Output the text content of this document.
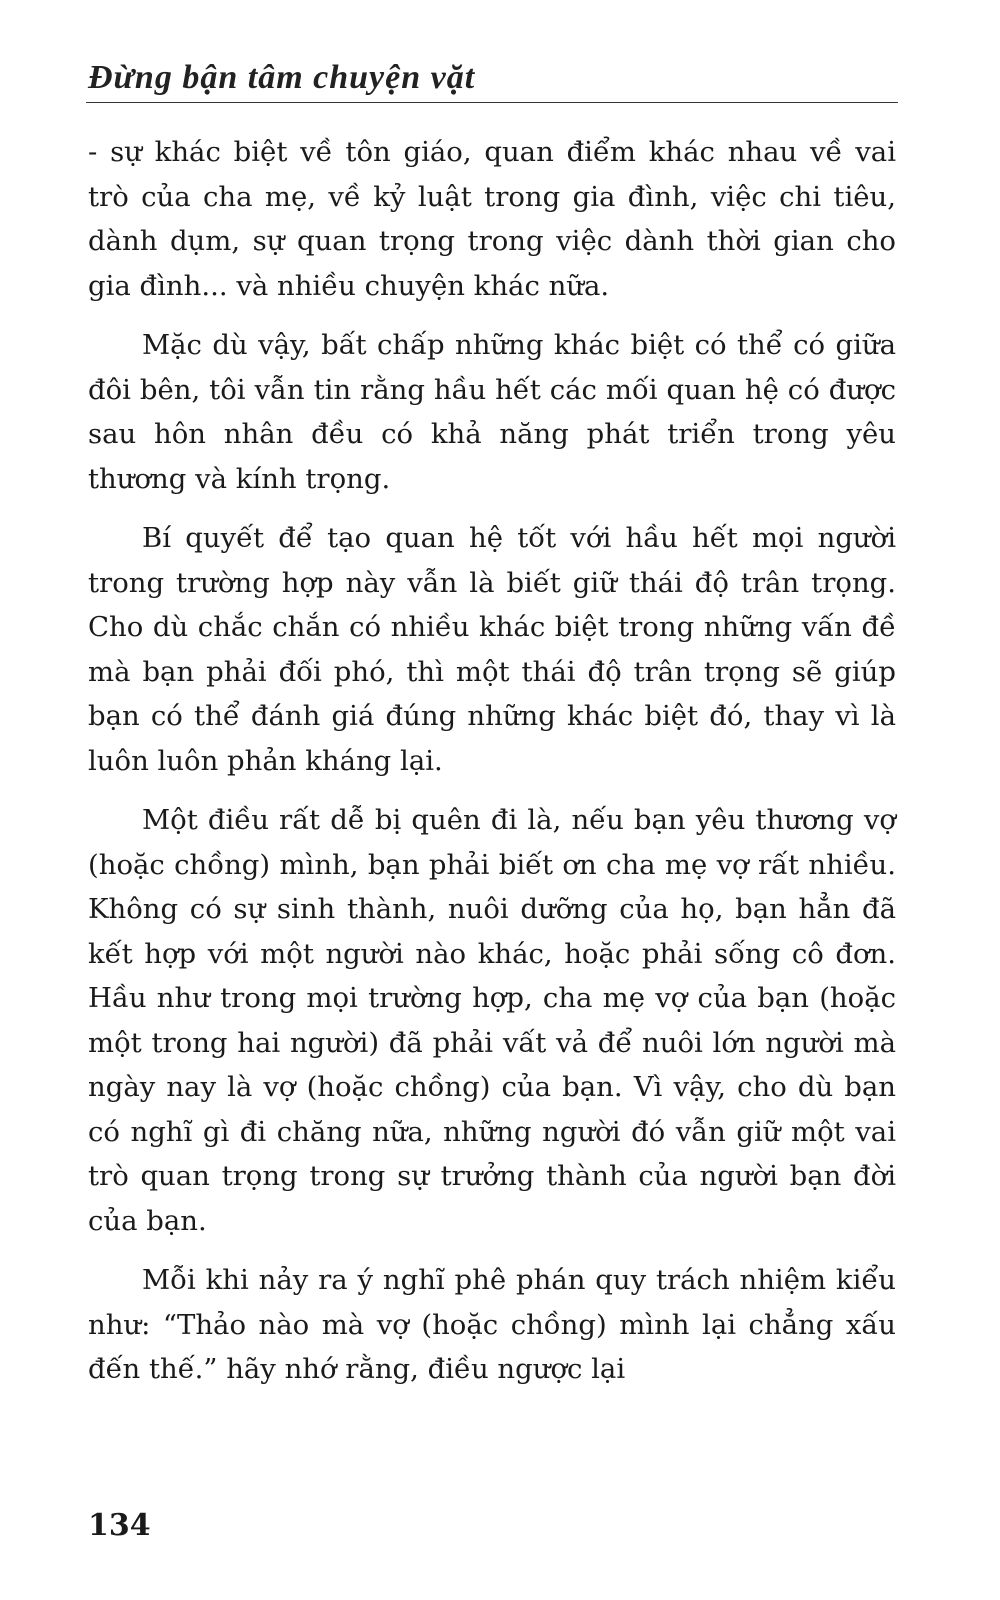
Đừng bận tâm chuyện vặt

- sự khác biệt về tôn giáo, quan điểm khác nhau về vai trò của cha mẹ, về kỷ luật trong gia đình, việc chi tiêu, dành dụm, sự quan trọng trong việc dành thời gian cho gia đình... và nhiều chuyện khác nữa.

Mặc dù vậy, bất chấp những khác biệt có thể có giữa đôi bên, tôi vẫn tin rằng hầu hết các mối quan hệ có được sau hôn nhân đều có khả năng phát triển trong yêu thương và kính trọng.

Bí quyết để tạo quan hệ tốt với hầu hết mọi người trong trường hợp này vẫn là biết giữ thái độ trân trọng. Cho dù chắc chắn có nhiều khác biệt trong những vấn đề mà bạn phải đối phó, thì một thái độ trân trọng sẽ giúp bạn có thể đánh giá đúng những khác biệt đó, thay vì là luôn luôn phản kháng lại.

Một điều rất dễ bị quên đi là, nếu bạn yêu thương vợ (hoặc chồng) mình, bạn phải biết ơn cha mẹ vợ rất nhiều. Không có sự sinh thành, nuôi dưỡng của họ, bạn hẳn đã kết hợp với một người nào khác, hoặc phải sống cô đơn. Hầu như trong mọi trường hợp, cha mẹ vợ của bạn (hoặc một trong hai người) đã phải vất vả để nuôi lớn người mà ngày nay là vợ (hoặc chồng) của bạn. Vì vậy, cho dù bạn có nghĩ gì đi chăng nữa, những người đó vẫn giữ một vai trò quan trọng trong sự trưởng thành của người bạn đời của bạn.

Mỗi khi nảy ra ý nghĩ phê phán quy trách nhiệm kiểu như: “Thảo nào mà vợ (hoặc chồng) mình lại chẳng xấu đến thế.” hãy nhớ rằng, điều ngược lại

134
